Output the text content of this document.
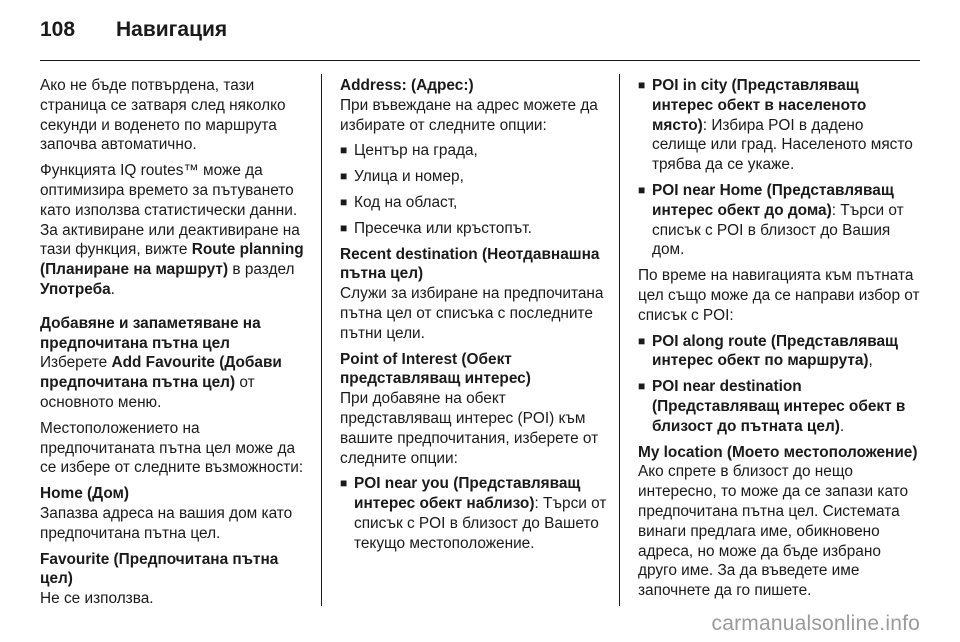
108	Навигация

Ако не бъде потвърдена, тази страница се затваря след няколко секунди и воденето по маршрута започва автоматично.

Функцията IQ routes™ може да оптимизира времето за пътуването като използва статистически данни. За активиране или деактивиране на тази функция, вижте Route planning (Планиране на маршрут) в раздел Употреба.

Добавяне и запаметяване на предпочитана пътна цел

Изберете Add Favourite (Добави предпочитана пътна цел) от основното меню.

Местоположението на предпочитаната пътна цел може да се избере от следните възможности:

Home (Дом)

Запазва адреса на вашия дом като предпочитана пътна цел.

Favourite (Предпочитана пътна цел)

Не се използва.

Address: (Адрес:)

При въвеждане на адрес можете да избирате от следните опции:

■ Център на града,
■ Улица и номер,
■ Код на област,
■ Пресечка или кръстопът.

Recent destination (Неотдавнашна пътна цел)

Служи за избиране на предпочитана пътна цел от списъка с последните пътни цели.

Point of Interest (Обект представляващ интерес)

При добавяне на обект представляващ интерес (POI) към вашите предпочитания, изберете от следните опции:

■ POI near you (Представляващ интерес обект наблизо): Търси от списък с POI в близост до Вашето текущо местоположение.
■ POI in city (Представляващ интерес обект в населеното място): Избира POI в дадено селище или град. Населеното място трябва да се укаже.
■ POI near Home (Представляващ интерес обект до дома): Търси от списък с POI в близост до Вашия дом.

По време на навигацията към пътната цел също може да се направи избор от списък с POI:

■ POI along route (Представляващ интерес обект по маршрута),
■ POI near destination (Представляващ интерес обект в близост до пътната цел).

My location (Моето местоположение)

Ако спрете в близост до нещо интересно, то може да се запази като предпочитана пътна цел. Системата винаги предлага име, обикновено адреса, но може да бъде избрано друго име. За да въведете име започнете да го пишете.

carmanualsonline.info
